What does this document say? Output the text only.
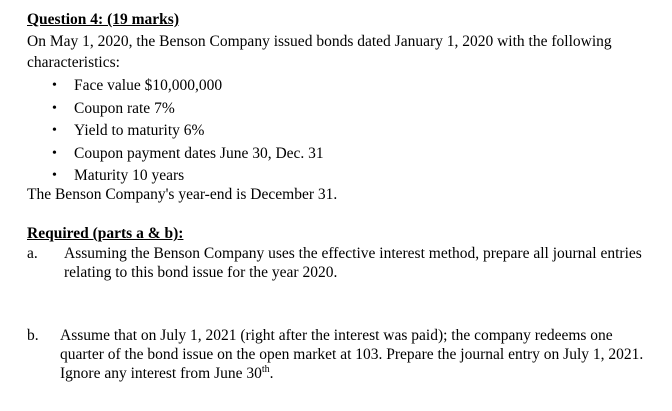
Question 4: (19 marks)
On May 1, 2020, the Benson Company issued bonds dated January 1, 2020 with the following characteristics:
• Face value $10,000,000
• Coupon rate 7%
• Yield to maturity 6%
• Coupon payment dates June 30, Dec. 31
• Maturity 10 years
The Benson Company's year-end is December 31.
Required (parts a & b):
a. Assuming the Benson Company uses the effective interest method, prepare all journal entries relating to this bond issue for the year 2020.
b. Assume that on July 1, 2021 (right after the interest was paid); the company redeems one quarter of the bond issue on the open market at 103. Prepare the journal entry on July 1, 2021. Ignore any interest from June 30th.
